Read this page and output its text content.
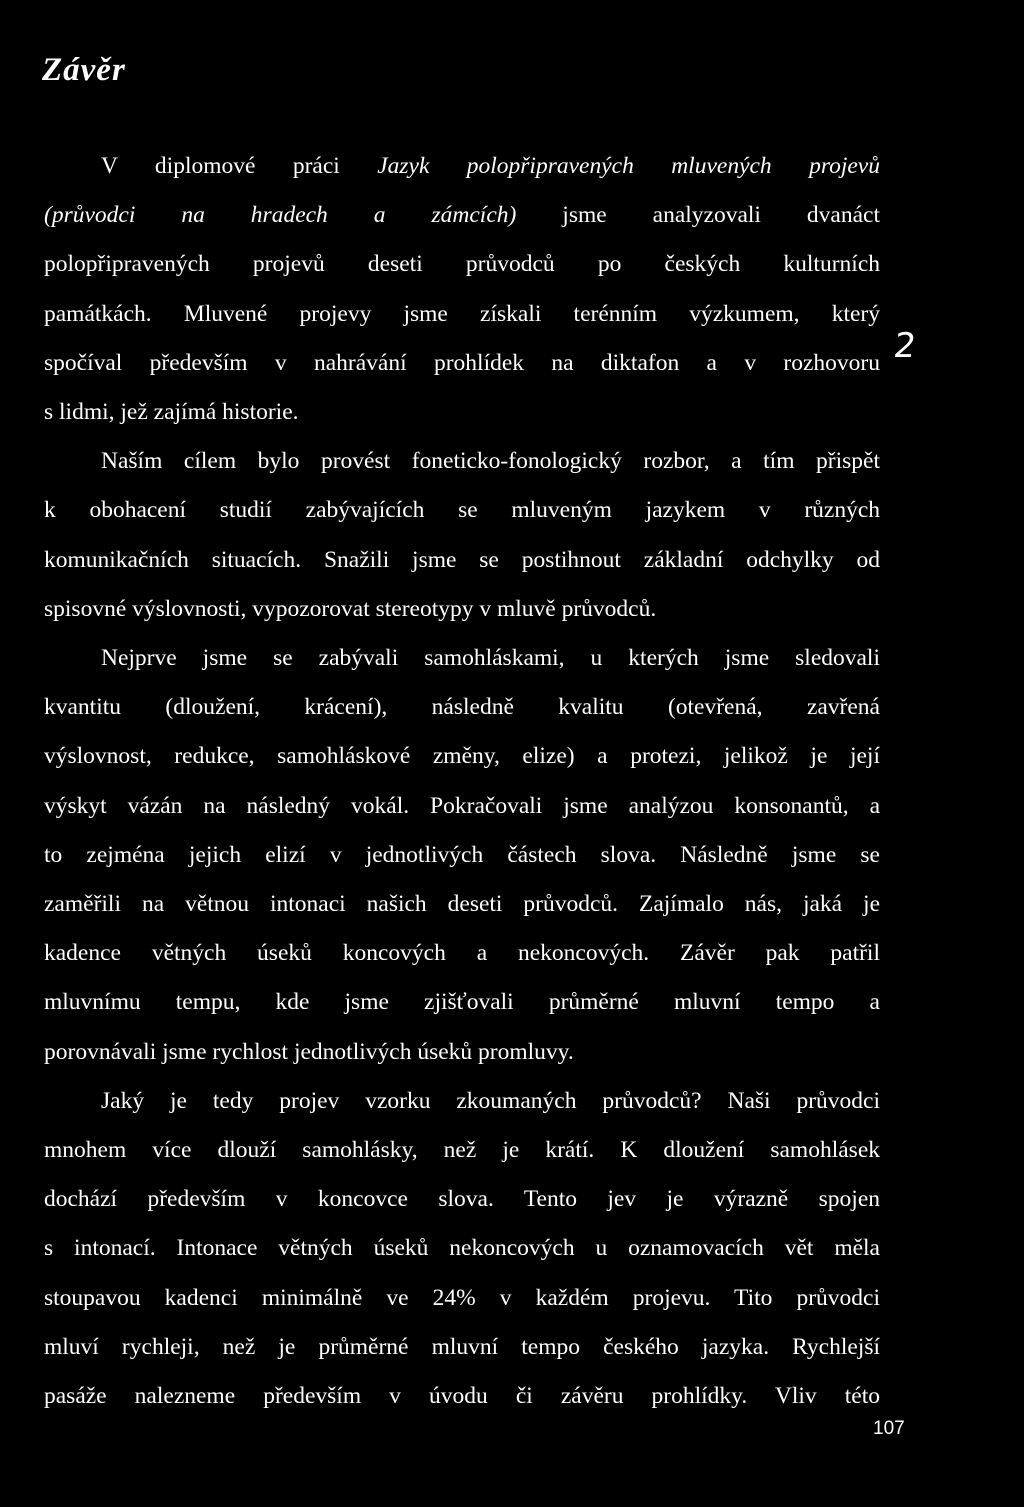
Závěr
V diplomové práci Jazyk polopřipravených mluvených projevů
(průvodci na hradech a zámcích) jsme analyzovali dvanáct
polopřipravených projevů deseti průvodců po českých kulturních
památkách. Mluvené projevy jsme získali terénním výzkumem, který
spočíval především v nahrávání prohlídek na diktafon a v rozhovoru
s lidmi, jež zajímá historie.
Naším cílem bylo provést foneticko-fonologický rozbor, a tím přispět
k obohacení studií zabývajících se mluveným jazykem v různých
komunikačních situacích. Snažili jsme se postihnout základní odchylky od
spisovné výslovnosti, vypozorovat stereotypy v mluvě průvodců.
Nejprve jsme se zabývali samohláskami, u kterých jsme sledovali
kvantitu (dloužení, krácení), následně kvalitu (otevřená, zavřená
výslovnost, redukce, samohláskové změny, elize) a protezi, jelikož je její
výskyt vázán na následný vokál. Pokračovali jsme analýzou konsonantů, a
to zejména jejich elizí v jednotlivých částech slova. Následně jsme se
zaměřili na větnou intonaci našich deseti průvodců. Zajímalo nás, jaká je
kadence větných úseků koncových a nekoncových. Závěr pak patřil
mluvnímu tempu, kde jsme zjišťovali průměrné mluvní tempo a
porovnávali jsme rychlost jednotlivých úseků promluvy.
Jaký je tedy projev vzorku zkoumaných průvodců? Naši průvodci
mnohem více dlouží samohlásky, než je krátí. K dloužení samohlásek
dochází především v koncovce slova. Tento jev je výrazně spojen
s intonací. Intonace větných úseků nekoncových u oznamovacích vět měla
stoupavou kadenci minimálně ve 24% v každém projevu. Tito průvodci
mluví rychleji, než je průměrné mluvní tempo českého jazyka. Rychlejší
pasáže nalezneme především v úvodu či závěru prohlídky. Vliv této
2
107
